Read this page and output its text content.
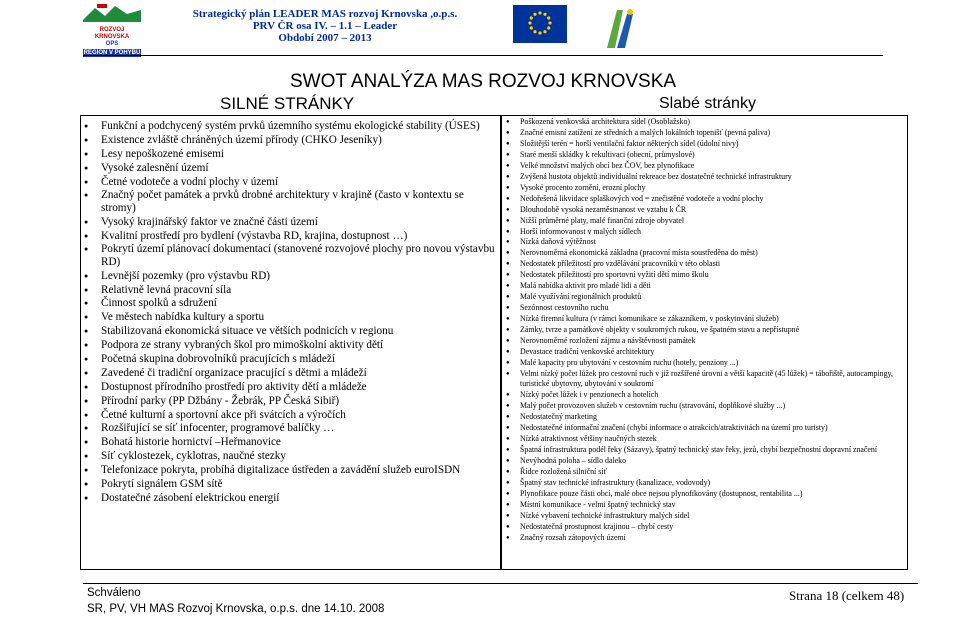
ROZVOJ KRNOVSKA
OPS
REGION V POHYBU
Strategický plán LEADER MAS rozvoj Krnovska ,o.p.s.
PRV ČR osa IV. – 1.1 – Leader
Období 2007 – 2013
SWOT ANALÝZA MAS ROZVOJ KRNOVSKA
SILNÉ STRÁNKY	Slabé stránky
● Funkční a podchycený systém prvků územního systému ekologické stability (ÚSES)
● Existence zvláště chráněných území přírody (CHKO Jeseníky)
● Lesy nepoškozené emisemi
● Vysoké zalesnění území
● Četné vodoteče a vodní plochy v území
● Značný počet památek a prvků drobné architektury v krajině (často v kontextu se stromy)
● Vysoký krajinářský faktor ve značné části území
● Kvalitní prostředí pro bydlení (výstavba RD, krajina, dostupnost …)
● Pokrytí území plánovací dokumentací (stanovené rozvojové plochy pro novou výstavbu RD)
● Levnější pozemky (pro výstavbu RD)
● Relativně levná pracovní síla
● Činnost spolků a sdružení
● Ve městech nabídka kultury a sportu
● Stabilizovaná ekonomická situace ve větších podnicích v regionu
● Podpora ze strany vybraných škol pro mimoškolní aktivity dětí
● Početná skupina dobrovolníků pracujících s mládeží
● Zavedené či tradiční organizace pracující s dětmi a mládeží
● Dostupnost přírodního prostředí pro aktivity dětí a mládeže
● Přírodní parky (PP Džbány - Žebrák, PP Česká Sibiř)
● Četné kulturní a sportovní akce při svátcích a výročích
● Rozšiřující se síť infocenter, programové balíčky …
● Bohatá historie hornictví –Heřmanovice
● Síť cyklostezek, cyklotras, naučné stezky
● Telefonizace pokryta, probíhá digitalizace ústředen a zavádění služeb euroISDN
● Pokrytí signálem GSM sítě
● Dostatečné zásobení elektrickou energií
● Poškozená venkovská architektura sídel (Osoblažsko)
● Značné emisní zatížení ze středních a malých lokálních topenišť (pevná paliva)
● Složitější terén = horší ventilační faktor některých sídel (údolní nivy)
● Staré menší skládky k rekultivaci (obecní, průmyslové)
● Velké množství malých obcí bez ČOV, bez plynofikace
● Zvýšená hustota objektů individuální rekreace bez dostatečné technické infrastruktury
● Vysoké procento zornění, erozní plochy
● Nedořešená likvidace splaškových vod = znečistěné vodoteče a vodní plochy
● Dlouhodobě vysoká nezaměstnanost ve vztahu k ČR
● Nižší průměrné platy, malé finanční zdroje obyvatel
● Horší informovanost v malých sídlech
● Nízká daňová výtěžnost
● Nerovnoměrná ekonomická základna (pracovní místa soustředěna do měst)
● Nedostatek příležitostí pro vzdělávání pracovníků v této oblasti
● Nedostatek příležitostí pro sportovní vyžití dětí mimo školu
● Malá nabídka aktivit pro mladé lidi a děti
● Malé využívání regionálních produktů
● Sezónnost cestovního ruchu
● Nízká firemní kultura (v rámci komunikace se zákazníkem, v poskytování služeb)
● Zámky, tvrze a památkové objekty v soukromých rukou, ve špatném stavu a nepřístupné
● Nerovnoměrné rozložení zájmu a návštěvnosti památek
● Devastace tradiční venkovské architektury
● Malé kapacity pro ubytování v cestovním ruchu (hotely, penziony ...)
● Velmi nízký počet lůžek pro cestovní ruch v již rozšířené úrovni a větší kapacitě (45 lůžek) = tábořiště, autocampingy, turistické ubytovny, ubytování v soukromí
● Nízký počet lůžek i v penzionech a hotelích
● Malý počet provozoven služeb v cestovním ruchu (stravování, doplňkové služby ...)
● Nedostatečný marketing
● Nedostatečné informační značení (chybí informace o atrakcích/atraktivitách na území pro turisty)
● Nízká atraktivnost většiny naučných stezek
● Špatná infrastruktura podél řeky (Sázavy), špatný technický stav řeky, jezů, chybí bezpečnostní dopravní značení
● Nevýhodná poloha – sídlo daleko
● Řídce rozložená silniční síť
● Špatný stav technické infrastruktury (kanalizace, vodovody)
● Plynofikace pouze části obcí, malé obce nejsou plynofikovány (dostupnost, rentabilita ...)
● Místní komunikace - velmi špatný technický stav
● Nízké vybavení technické infrastruktury malých sídel
● Nedostatečná prostupnost krajinou – chybí cesty
● Značný rozsah zátopových území
Schváleno
SR, PV, VH MAS Rozvoj Krnovska, o.p.s. dne 14.10. 2008
Strana 18 (celkem 48)
